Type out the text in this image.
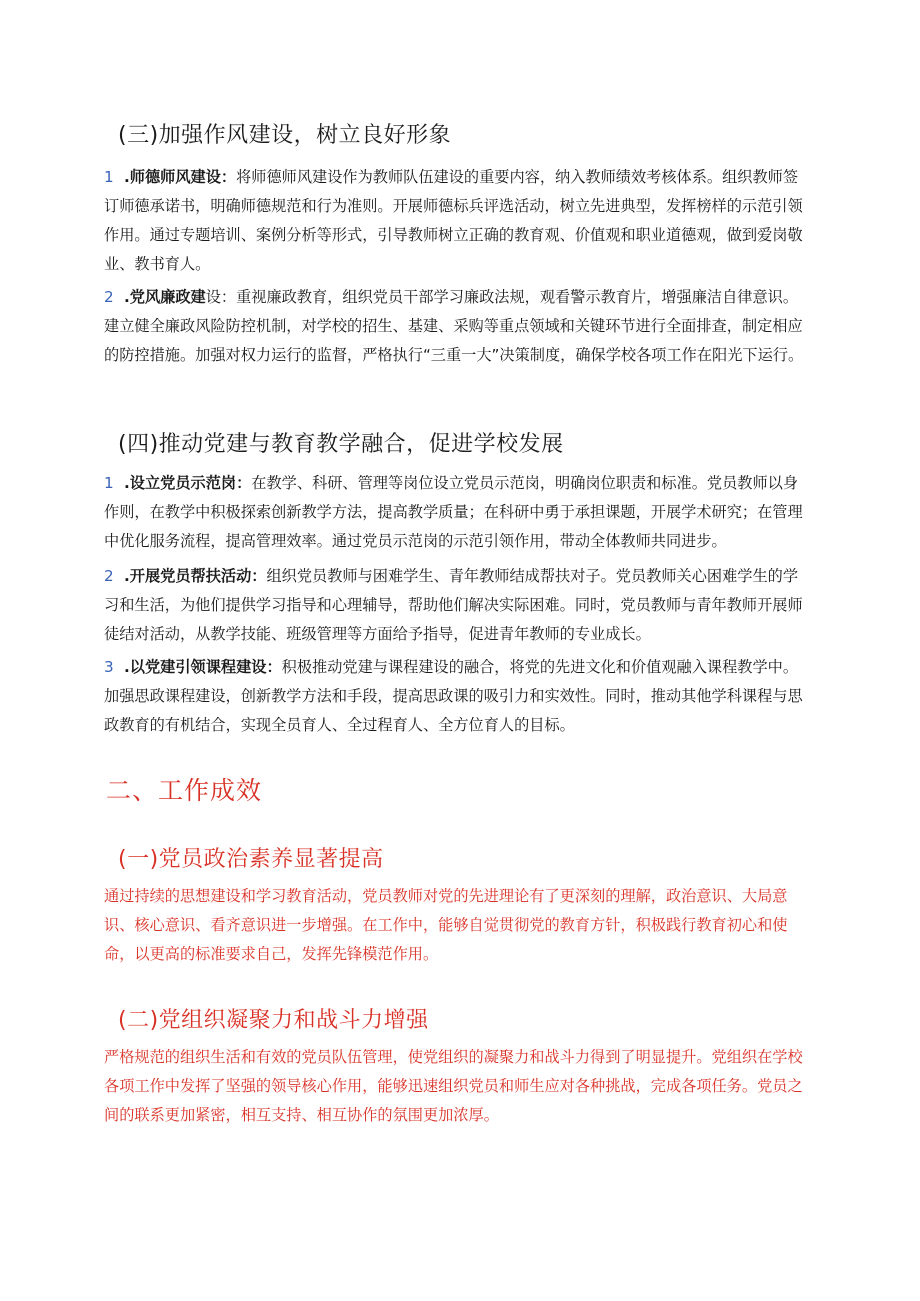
(三)加强作风建设，树立良好形象

1 .师德师风建设：将师德师风建设作为教师队伍建设的重要内容，纳入教师绩效考核体系。组织教师签订师德承诺书，明确师德规范和行为准则。开展师德标兵评选活动，树立先进典型，发挥榜样的示范引领作用。通过专题培训、案例分析等形式，引导教师树立正确的教育观、价值观和职业道德观，做到爱岗敬业、教书育人。

2 .党风廉政建设：重视廉政教育，组织党员干部学习廉政法规，观看警示教育片，增强廉洁自律意识。建立健全廉政风险防控机制，对学校的招生、基建、采购等重点领域和关键环节进行全面排查，制定相应的防控措施。加强对权力运行的监督，严格执行“三重一大”决策制度，确保学校各项工作在阳光下运行。

(四)推动党建与教育教学融合，促进学校发展

1 .设立党员示范岗：在教学、科研、管理等岗位设立党员示范岗，明确岗位职责和标准。党员教师以身作则，在教学中积极探索创新教学方法，提高教学质量；在科研中勇于承担课题，开展学术研究；在管理中优化服务流程，提高管理效率。通过党员示范岗的示范引领作用，带动全体教师共同进步。

2 .开展党员帮扶活动：组织党员教师与困难学生、青年教师结成帮扶对子。党员教师关心困难学生的学习和生活，为他们提供学习指导和心理辅导，帮助他们解决实际困难。同时，党员教师与青年教师开展师徒结对活动，从教学技能、班级管理等方面给予指导，促进青年教师的专业成长。

3 .以党建引领课程建设：积极推动党建与课程建设的融合，将党的先进文化和价值观融入课程教学中。加强思政课程建设，创新教学方法和手段，提高思政课的吸引力和实效性。同时，推动其他学科课程与思政教育的有机结合，实现全员育人、全过程育人、全方位育人的目标。

二、工作成效
(一)党员政治素养显著提高

通过持续的思想建设和学习教育活动，党员教师对党的先进理论有了更深刻的理解，政治意识、大局意识、核心意识、看齐意识进一步增强。在工作中，能够自觉贯彻党的教育方针，积极践行教育初心和使命，以更高的标准要求自己，发挥先锋模范作用。

(二)党组织凝聚力和战斗力增强

严格规范的组织生活和有效的党员队伍管理，使党组织的凝聚力和战斗力得到了明显提升。党组织在学校各项工作中发挥了坚强的领导核心作用，能够迅速组织党员和师生应对各种挑战，完成各项任务。党员之间的联系更加紧密，相互支持、相互协作的氛围更加浓厚。
